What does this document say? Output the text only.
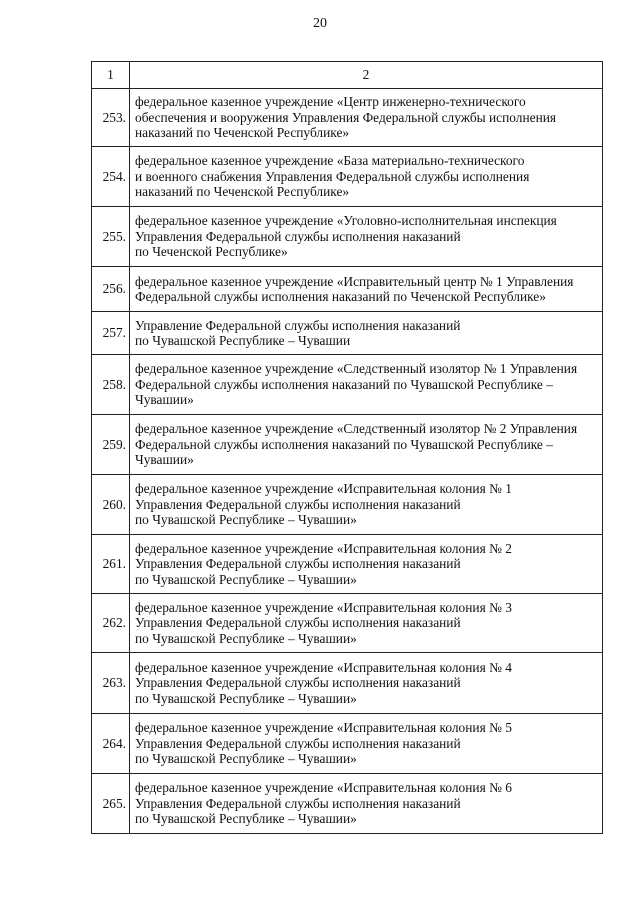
20
1	2
253.	федеральное казенное учреждение «Центр инженерно-технического
обеспечения и вооружения Управления Федеральной службы исполнения
наказаний по Чеченской Республике»

254.	федеральное казенное учреждение «База материально-технического
и военного снабжения Управления Федеральной службы исполнения
наказаний по Чеченской Республике»

255.	федеральное казенное учреждение «Уголовно-исполнительная инспекция
Управления Федеральной службы исполнения наказаний
по Чеченской Республике»

256.	федеральное казенное учреждение «Исправительный центр № 1 Управления
Федеральной службы исполнения наказаний по Чеченской Республике»

257.	Управление Федеральной службы исполнения наказаний
по Чувашской Республике – Чувашии

258.	федеральное казенное учреждение «Следственный изолятор № 1 Управления
Федеральной службы исполнения наказаний по Чувашской Республике –
Чувашии»

259.	федеральное казенное учреждение «Следственный изолятор № 2 Управления
Федеральной службы исполнения наказаний по Чувашской Республике –
Чувашии»

260.	федеральное казенное учреждение «Исправительная колония № 1
Управления Федеральной службы исполнения наказаний
по Чувашской Республике – Чувашии»

261.	федеральное казенное учреждение «Исправительная колония № 2
Управления Федеральной службы исполнения наказаний
по Чувашской Республике – Чувашии»

262.	федеральное казенное учреждение «Исправительная колония № 3
Управления Федеральной службы исполнения наказаний
по Чувашской Республике – Чувашии»

263.	федеральное казенное учреждение «Исправительная колония № 4
Управления Федеральной службы исполнения наказаний
по Чувашской Республике – Чувашии»

264.	федеральное казенное учреждение «Исправительная колония № 5
Управления Федеральной службы исполнения наказаний
по Чувашской Республике – Чувашии»

265.	федеральное казенное учреждение «Исправительная колония № 6
Управления Федеральной службы исполнения наказаний
по Чувашской Республике – Чувашии»
